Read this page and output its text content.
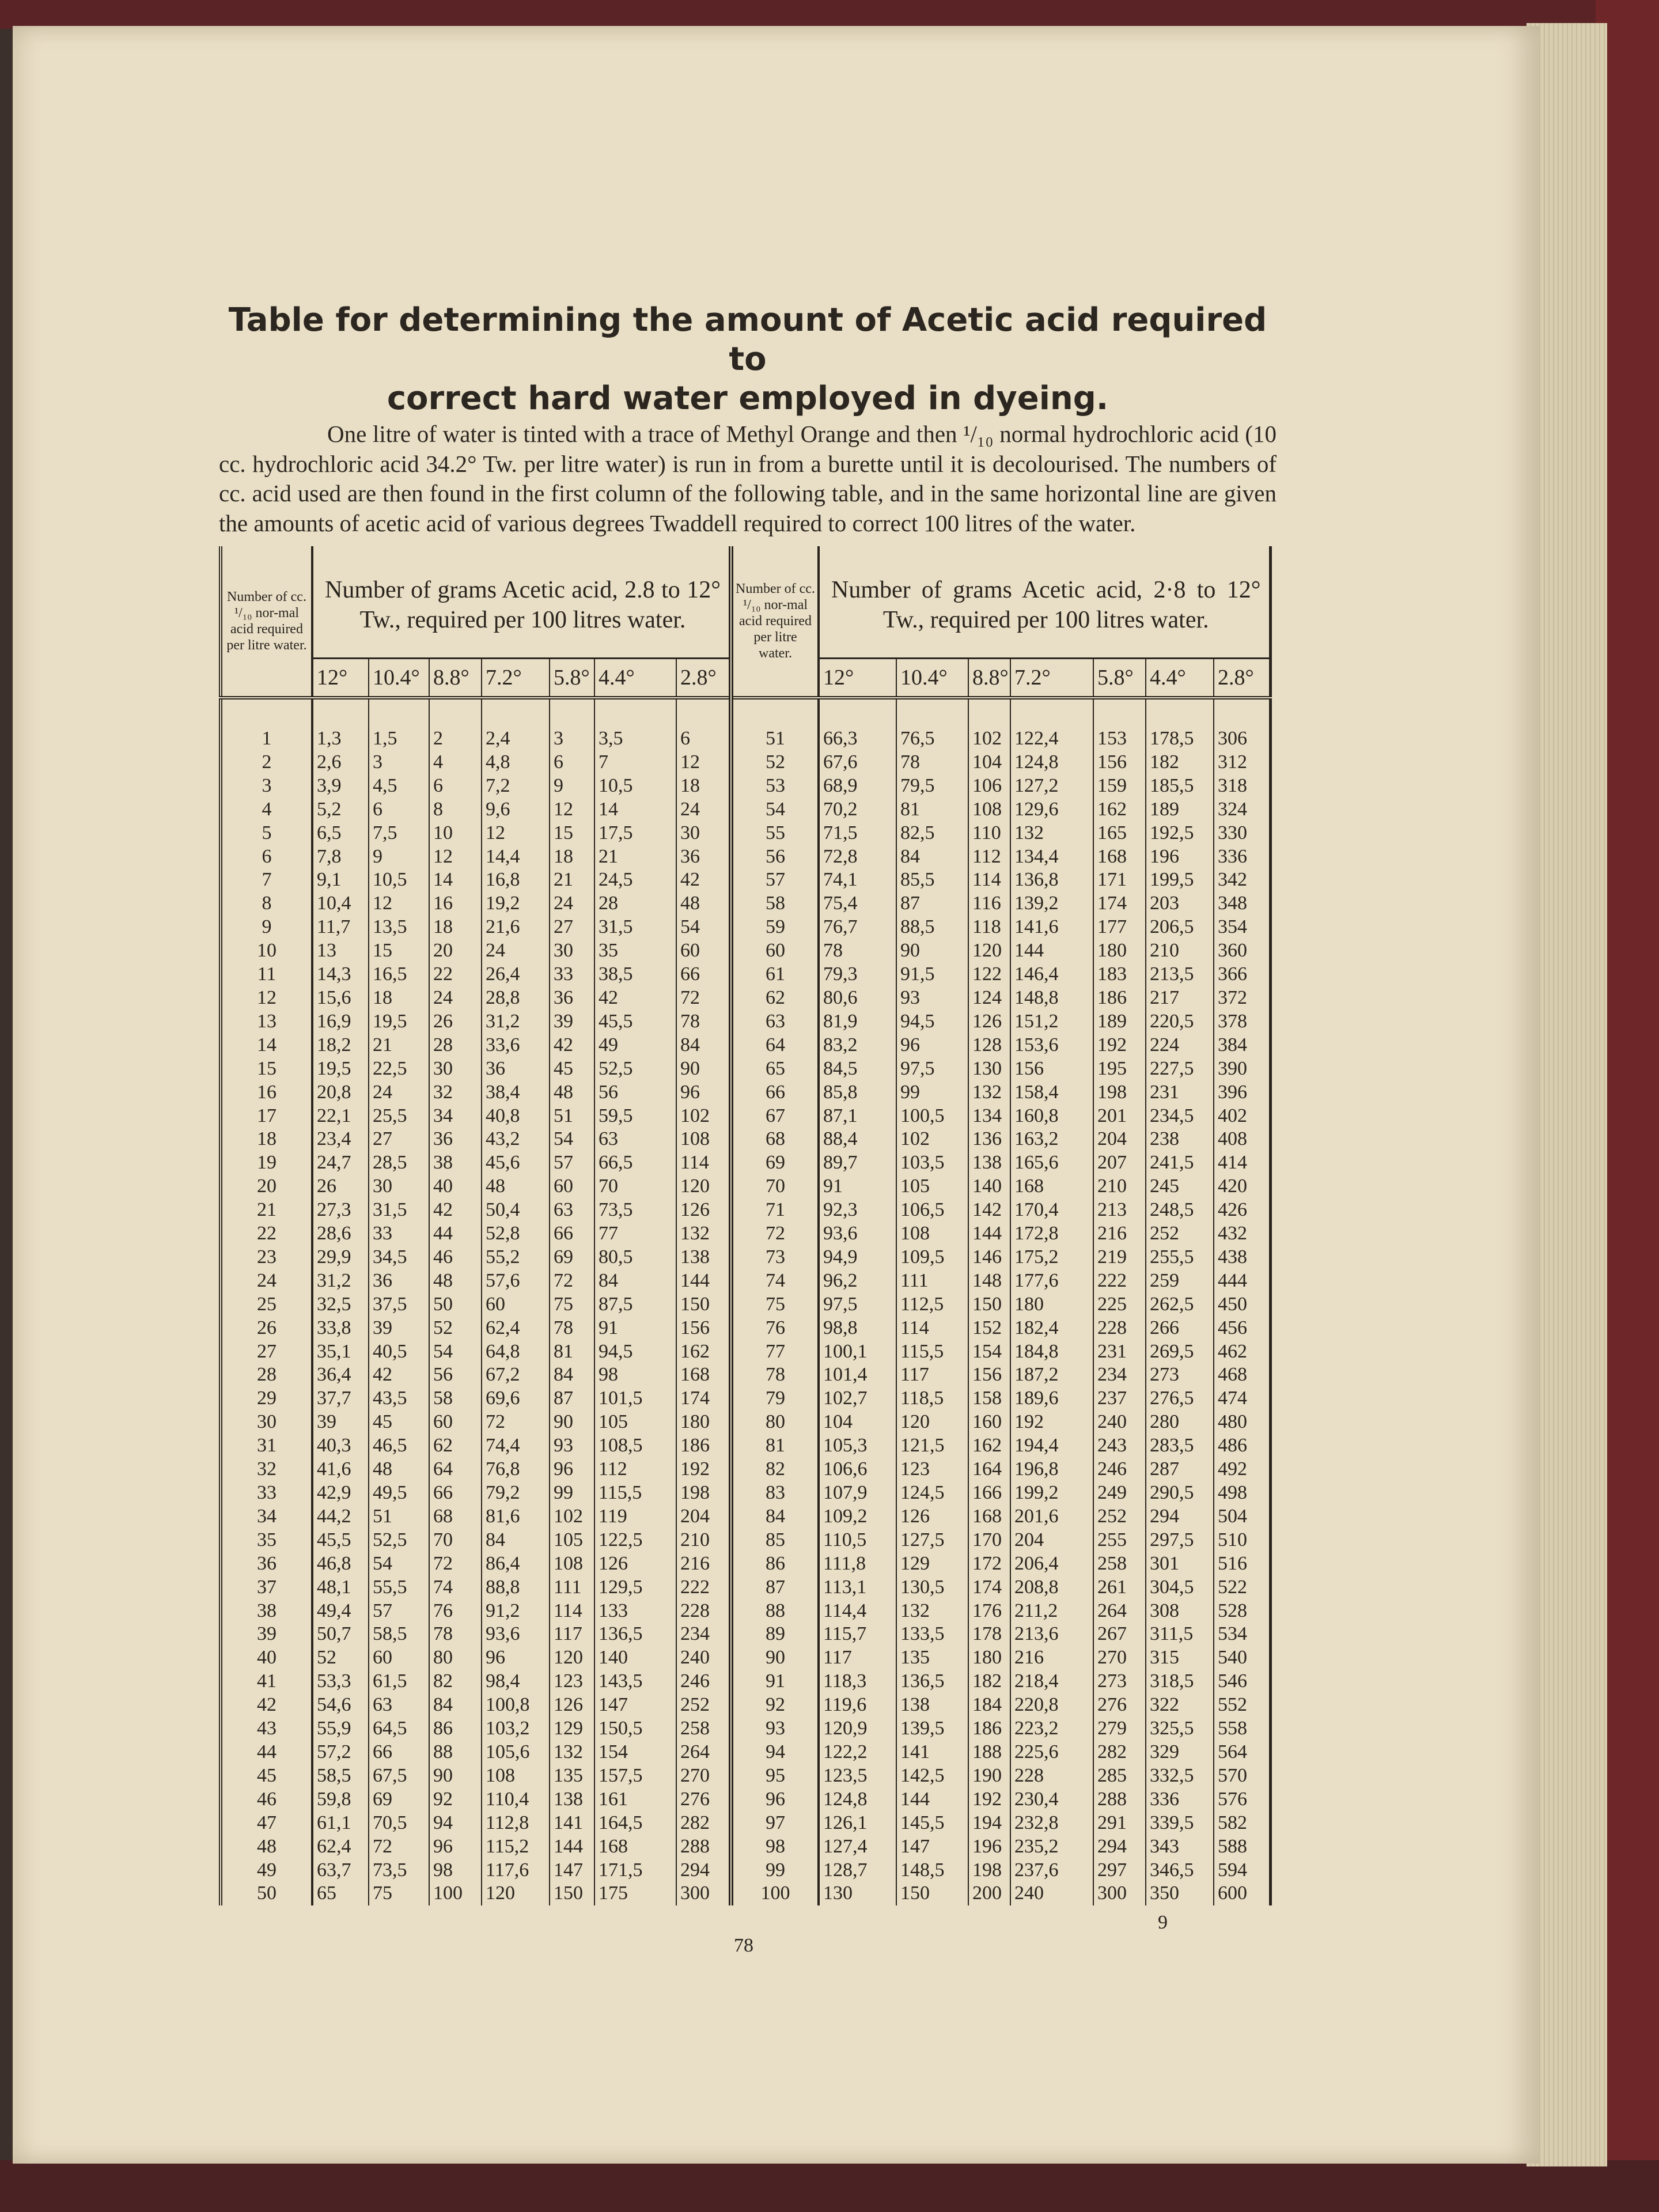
Table for determining the amount of Acetic acid required to
correct hard water employed in dyeing.
One litre of water is tinted with a trace of Methyl Orange and then ¹/₁₀ normal hydrochloric acid (10 cc. hydrochloric acid 34.2° Tw. per litre water) is run in from a burette until it is decolourised. The numbers of cc. acid used are then found in the first column of the following table, and in the same horizontal line are given the amounts of acetic acid of various degrees Twaddell required to correct 100 litres of the water.
Number of cc. ¹/₁₀ nor-mal acid required per litre water.	Number of grams Acetic acid, 2.8 to 12° Tw., required per 100 litres water.						
	12°	10.4°	8.8°	7.2°	5.8°	4.4°	2.8°

1	1,3	1,5	2	2,4	3	3,5	6
2	2,6	3	4	4,8	6	7	12
3	3,9	4,5	6	7,2	9	10,5	18
4	5,2	6	8	9,6	12	14	24
5	6,5	7,5	10	12	15	17,5	30
6	7,8	9	12	14,4	18	21	36
7	9,1	10,5	14	16,8	21	24,5	42
8	10,4	12	16	19,2	24	28	48
9	11,7	13,5	18	21,6	27	31,5	54
10	13	15	20	24	30	35	60
11	14,3	16,5	22	26,4	33	38,5	66
12	15,6	18	24	28,8	36	42	72
13	16,9	19,5	26	31,2	39	45,5	78
14	18,2	21	28	33,6	42	49	84
15	19,5	22,5	30	36	45	52,5	90
16	20,8	24	32	38,4	48	56	96
17	22,1	25,5	34	40,8	51	59,5	102
18	23,4	27	36	43,2	54	63	108
19	24,7	28,5	38	45,6	57	66,5	114
20	26	30	40	48	60	70	120
21	27,3	31,5	42	50,4	63	73,5	126
22	28,6	33	44	52,8	66	77	132
23	29,9	34,5	46	55,2	69	80,5	138
24	31,2	36	48	57,6	72	84	144
25	32,5	37,5	50	60	75	87,5	150
26	33,8	39	52	62,4	78	91	156
27	35,1	40,5	54	64,8	81	94,5	162
28	36,4	42	56	67,2	84	98	168
29	37,7	43,5	58	69,6	87	101,5	174
30	39	45	60	72	90	105	180
31	40,3	46,5	62	74,4	93	108,5	186
32	41,6	48	64	76,8	96	112	192
33	42,9	49,5	66	79,2	99	115,5	198
34	44,2	51	68	81,6	102	119	204
35	45,5	52,5	70	84	105	122,5	210
36	46,8	54	72	86,4	108	126	216
37	48,1	55,5	74	88,8	111	129,5	222
38	49,4	57	76	91,2	114	133	228
39	50,7	58,5	78	93,6	117	136,5	234
40	52	60	80	96	120	140	240
41	53,3	61,5	82	98,4	123	143,5	246
42	54,6	63	84	100,8	126	147	252
43	55,9	64,5	86	103,2	129	150,5	258
44	57,2	66	88	105,6	132	154	264
45	58,5	67,5	90	108	135	157,5	270
46	59,8	69	92	110,4	138	161	276
47	61,1	70,5	94	112,8	141	164,5	282
48	62,4	72	96	115,2	144	168	288
49	63,7	73,5	98	117,6	147	171,5	294
50	65	75	100	120	150	175	300
Number of cc. ¹/₁₀ nor-mal acid required per litre water.	Number of grams Acetic acid, 2·8 to 12° Tw., required per 100 litres water.						
	12°	10.4°	8.8°	7.2°	5.8°	4.4°	2.8°

51	66,3	76,5	102	122,4	153	178,5	306
52	67,6	78	104	124,8	156	182	312
53	68,9	79,5	106	127,2	159	185,5	318
54	70,2	81	108	129,6	162	189	324
55	71,5	82,5	110	132	165	192,5	330
56	72,8	84	112	134,4	168	196	336
57	74,1	85,5	114	136,8	171	199,5	342
58	75,4	87	116	139,2	174	203	348
59	76,7	88,5	118	141,6	177	206,5	354
60	78	90	120	144	180	210	360
61	79,3	91,5	122	146,4	183	213,5	366
62	80,6	93	124	148,8	186	217	372
63	81,9	94,5	126	151,2	189	220,5	378
64	83,2	96	128	153,6	192	224	384
65	84,5	97,5	130	156	195	227,5	390
66	85,8	99	132	158,4	198	231	396
67	87,1	100,5	134	160,8	201	234,5	402
68	88,4	102	136	163,2	204	238	408
69	89,7	103,5	138	165,6	207	241,5	414
70	91	105	140	168	210	245	420
71	92,3	106,5	142	170,4	213	248,5	426
72	93,6	108	144	172,8	216	252	432
73	94,9	109,5	146	175,2	219	255,5	438
74	96,2	111	148	177,6	222	259	444
75	97,5	112,5	150	180	225	262,5	450
76	98,8	114	152	182,4	228	266	456
77	100,1	115,5	154	184,8	231	269,5	462
78	101,4	117	156	187,2	234	273	468
79	102,7	118,5	158	189,6	237	276,5	474
80	104	120	160	192	240	280	480
81	105,3	121,5	162	194,4	243	283,5	486
82	106,6	123	164	196,8	246	287	492
83	107,9	124,5	166	199,2	249	290,5	498
84	109,2	126	168	201,6	252	294	504
85	110,5	127,5	170	204	255	297,5	510
86	111,8	129	172	206,4	258	301	516
87	113,1	130,5	174	208,8	261	304,5	522
88	114,4	132	176	211,2	264	308	528
89	115,7	133,5	178	213,6	267	311,5	534
90	117	135	180	216	270	315	540
91	118,3	136,5	182	218,4	273	318,5	546
92	119,6	138	184	220,8	276	322	552
93	120,9	139,5	186	223,2	279	325,5	558
94	122,2	141	188	225,6	282	329	564
95	123,5	142,5	190	228	285	332,5	570
96	124,8	144	192	230,4	288	336	576
97	126,1	145,5	194	232,8	291	339,5	582
98	127,4	147	196	235,2	294	343	588
99	128,7	148,5	198	237,6	297	346,5	594
100	130	150	200	240	300	350	600
78
9
